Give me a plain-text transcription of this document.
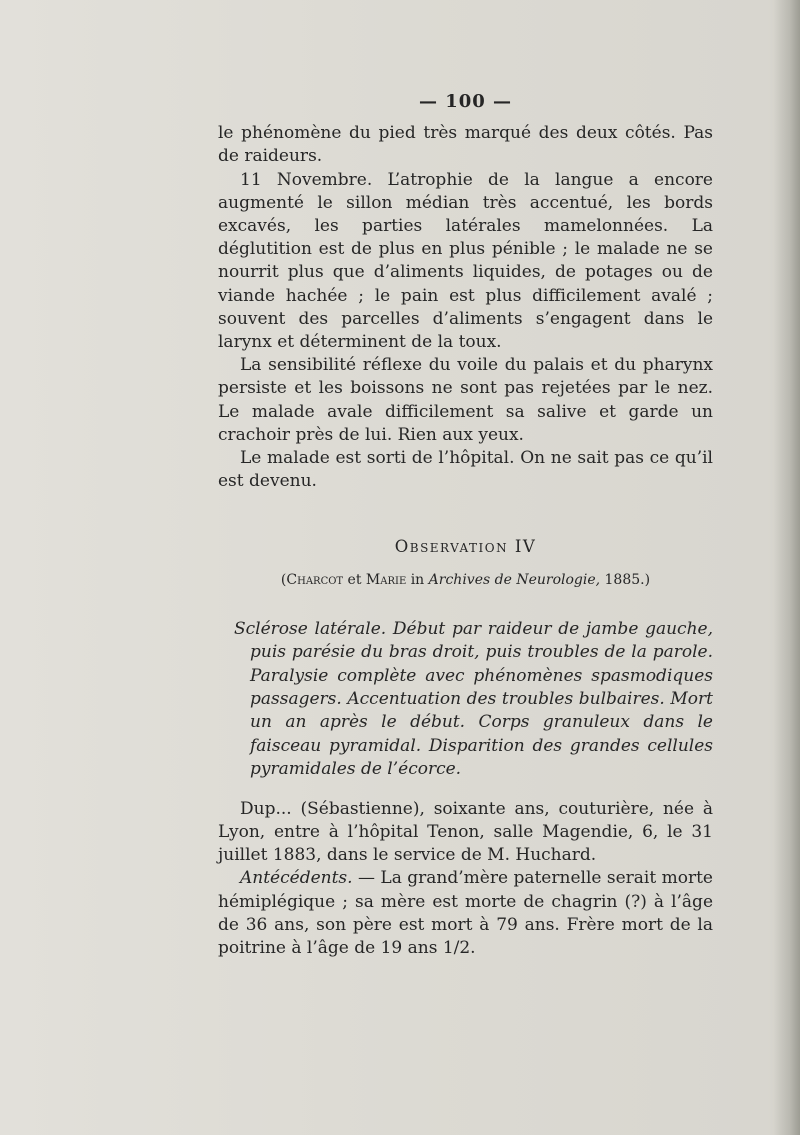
— 100 —

le phénomène du pied très marqué des deux côtés. Pas de raideurs.

11 Novembre. L’atrophie de la langue a encore augmenté le sillon médian très accentué, les bords excavés, les parties latérales mamelonnées. La déglutition est de plus en plus pénible ; le malade ne se nourrit plus que d’aliments liquides, de potages ou de viande hachée ; le pain est plus difficilement avalé ; souvent des parcelles d’aliments s’engagent dans le larynx et déterminent de la toux.

La sensibilité réflexe du voile du palais et du pharynx persiste et les boissons ne sont pas rejetées par le nez. Le malade avale difficilement sa salive et garde un crachoir près de lui. Rien aux yeux.

Le malade est sorti de l’hôpital. On ne sait pas ce qu’il est devenu.

Observation IV
(Charcot et Marie in Archives de Neurologie, 1885.)

Sclérose latérale. Début par raideur de jambe gauche, puis parésie du bras droit, puis troubles de la parole. Paralysie complète avec phénomènes spasmodiques passagers. Accentuation des troubles bulbaires. Mort un an après le début. Corps granuleux dans le faisceau pyramidal. Disparition des grandes cellules pyramidales de l’écorce.

Dup... (Sébastienne), soixante ans, couturière, née à Lyon, entre à l’hôpital Tenon, salle Magendie, 6, le 31 juillet 1883, dans le service de M. Huchard.

Antécédents. — La grand’mère paternelle serait morte hémiplégique ; sa mère est morte de chagrin (?) à l’âge de 36 ans, son père est mort à 79 ans. Frère mort de la poitrine à l’âge de 19 ans 1/2.
